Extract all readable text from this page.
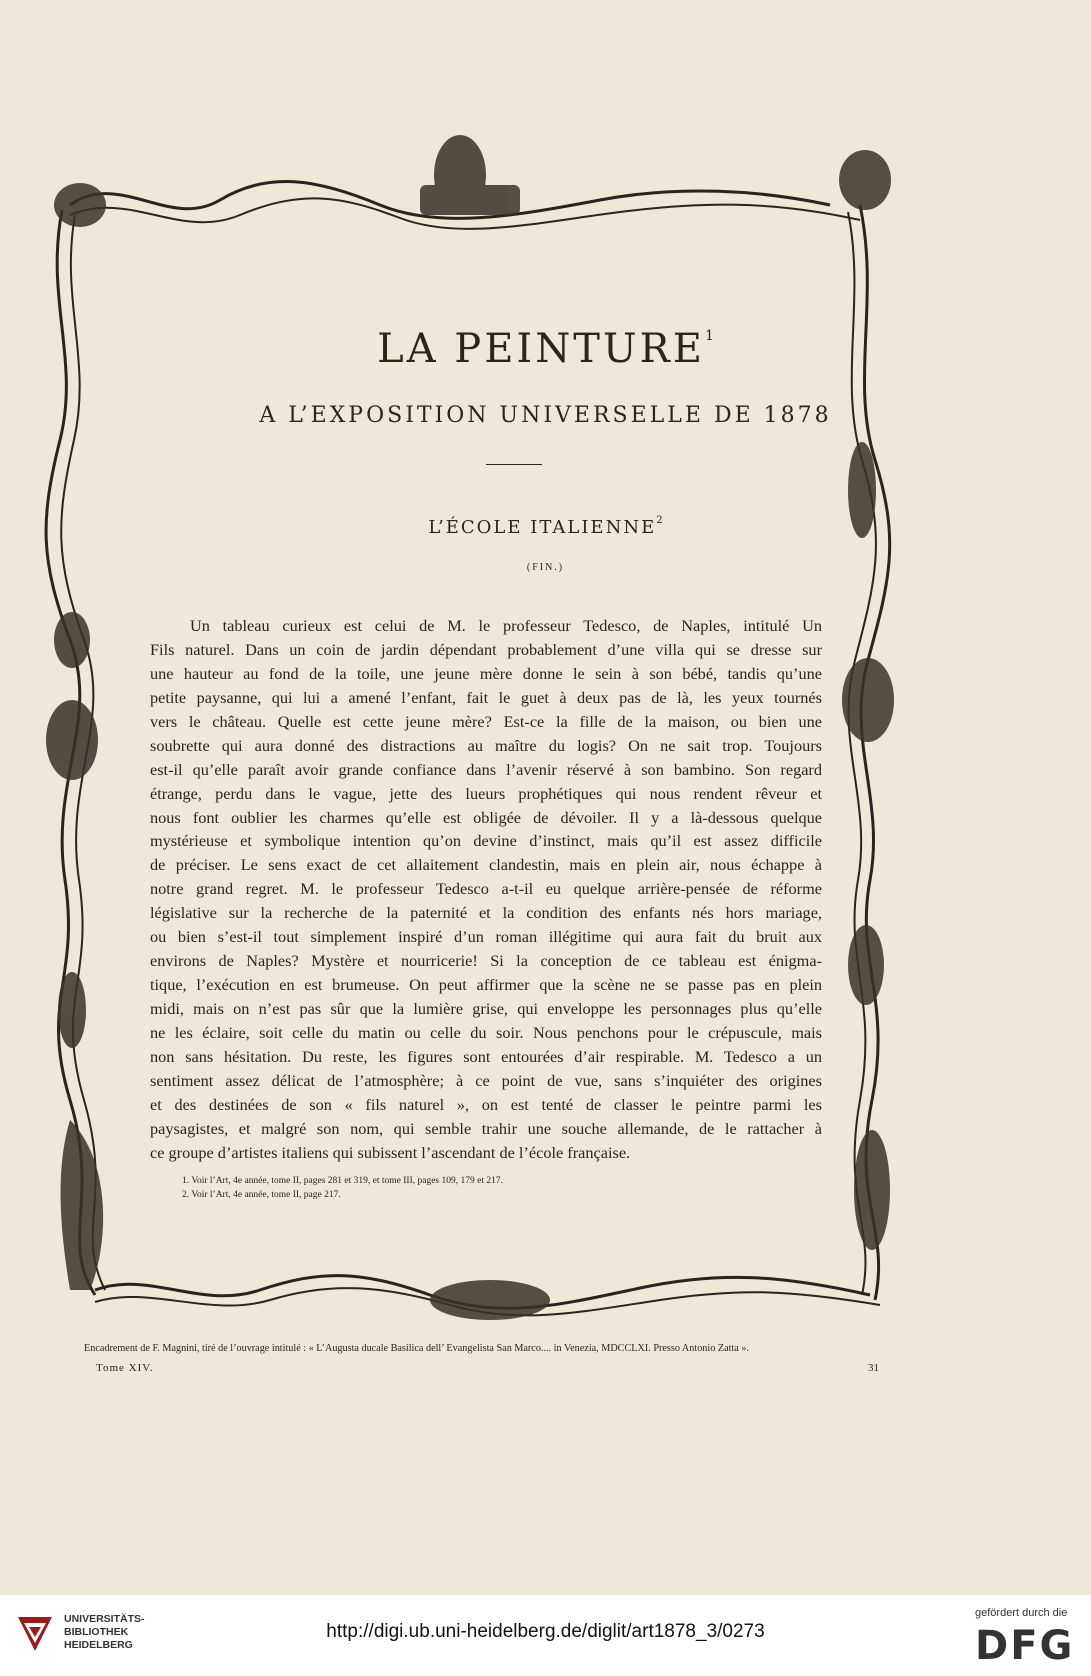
LA PEINTURE$^1$
A L’EXPOSITION UNIVERSELLE DE 1878
L’ÉCOLE ITALIENNE$^2$
(FIN.)
Un tableau curieux est celui de M. le professeur Tedesco, de Naples, intitulé Un
Fils naturel. Dans un coin de jardin dépendant probablement d’une villa qui se dresse sur
une hauteur au fond de la toile, une jeune mère donne le sein à son bébé, tandis qu’une
petite paysanne, qui lui a amené l’enfant, fait le guet à deux pas de là, les yeux tournés
vers le château. Quelle est cette jeune mère? Est-ce la fille de la maison, ou bien une
soubrette qui aura donné des distractions au maître du logis? On ne sait trop. Toujours
est-il qu’elle paraît avoir grande confiance dans l’avenir réservé à son bambino. Son regard
étrange, perdu dans le vague, jette des lueurs prophétiques qui nous rendent rêveur et
nous font oublier les charmes qu’elle est obligée de dévoiler. Il y a là-dessous quelque
mystérieuse et symbolique intention qu’on devine d’instinct, mais qu’il est assez difficile
de préciser. Le sens exact de cet allaitement clandestin, mais en plein air, nous échappe à
notre grand regret. M. le professeur Tedesco a-t-il eu quelque arrière-pensée de réforme
législative sur la recherche de la paternité et la condition des enfants nés hors mariage,
ou bien s’est-il tout simplement inspiré d’un roman illégitime qui aura fait du bruit aux
environs de Naples? Mystère et nourricerie! Si la conception de ce tableau est énigma-
tique, l’exécution en est brumeuse. On peut affirmer que la scène ne se passe pas en plein
midi, mais on n’est pas sûr que la lumière grise, qui enveloppe les personnages plus qu’elle
ne les éclaire, soit celle du matin ou celle du soir. Nous penchons pour le crépuscule, mais
non sans hésitation. Du reste, les figures sont entourées d’air respirable. M. Tedesco a un
sentiment assez délicat de l’atmosphère; à ce point de vue, sans s’inquiéter des origines
et des destinées de son « fils naturel », on est tenté de classer le peintre parmi les
paysagistes, et malgré son nom, qui semble trahir une souche allemande, de le rattacher à
ce groupe d’artistes italiens qui subissent l’ascendant de l’école française.
1. Voir l’Art, 4e année, tome II, pages 281 et 319, et tome III, pages 109, 179 et 217.
2. Voir l’Art, 4e année, tome II, page 217.
Encadrement de F. Magnini, tiré de l’ouvrage intitulé : « L’Augusta ducale Basilica dell’ Evangelista San Marco.... in Venezia, MDCCLXI. Presso Antonio Zatta ».
Tome XIV.	31
UNIVERSITÄTS-
BIBLIOTHEK
HEIDELBERG
http://digi.ub.uni-heidelberg.de/diglit/art1878_3/0273
gefördert durch die
DFG
